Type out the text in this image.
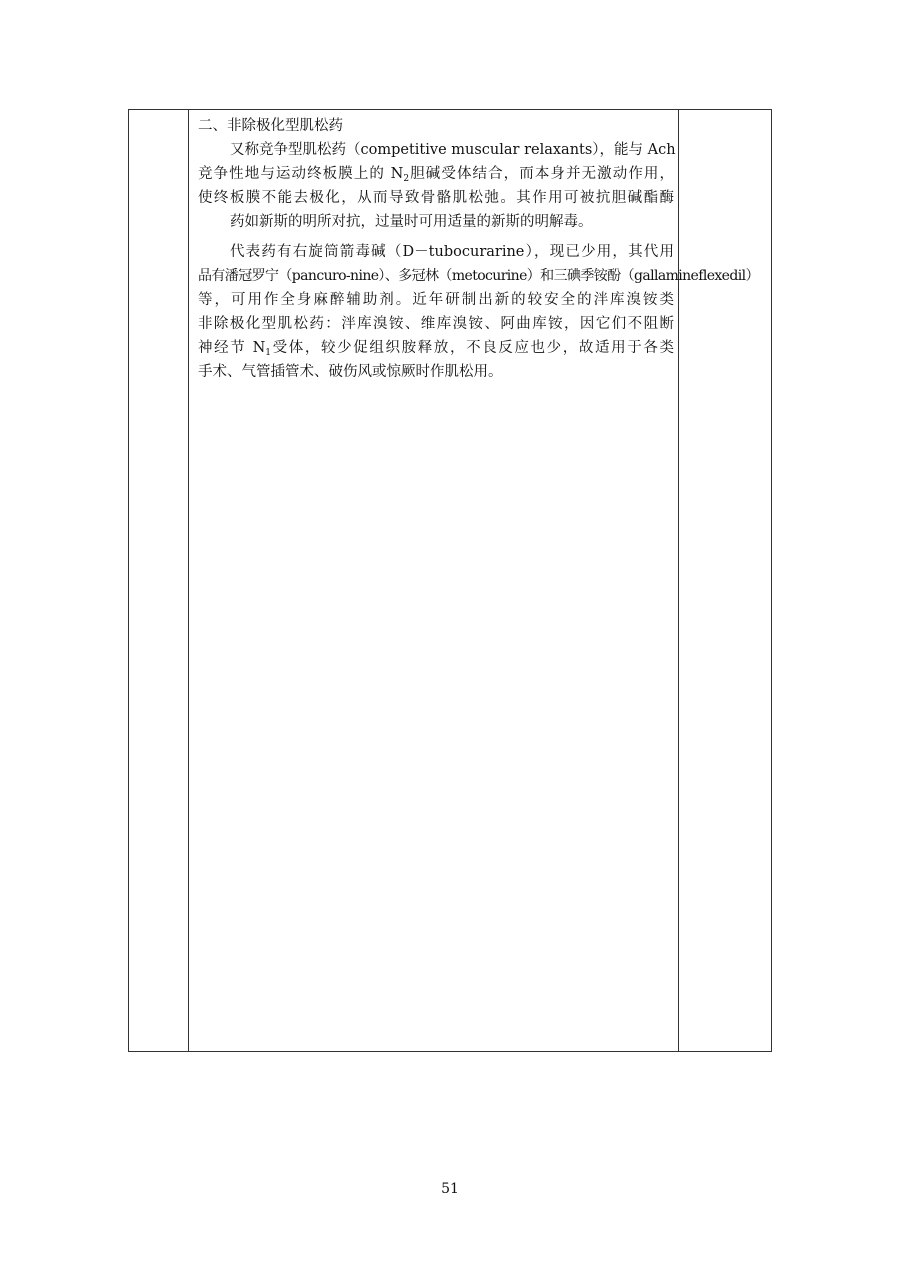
二、非除极化型肌松药

又称竞争型肌松药（competitive muscular relaxants），能与 Ach
竞争性地与运动终板膜上的 $N_2$胆碱受体结合，而本身并无激动作用，
使终板膜不能去极化，从而导致骨骼肌松弛。其作用可被抗胆碱酯酶
药如新斯的明所对抗，过量时可用适量的新斯的明解毒。

代表药有右旋筒箭毒碱（D－tubocurarine），现已少用，其代用
品有潘冠罗宁（pancuro-nine）、多冠林（metocurine）和三碘季铵酚（gallamineflexedil）
等，可用作全身麻醉辅助剂。近年研制出新的较安全的泮库溴铵类
非除极化型肌松药：泮库溴铵、维库溴铵、阿曲库铵，因它们不阻断
神经节 $N_1$受体，较少促组织胺释放，不良反应也少，故适用于各类
手术、气管插管术、破伤风或惊厥时作肌松用。

51
